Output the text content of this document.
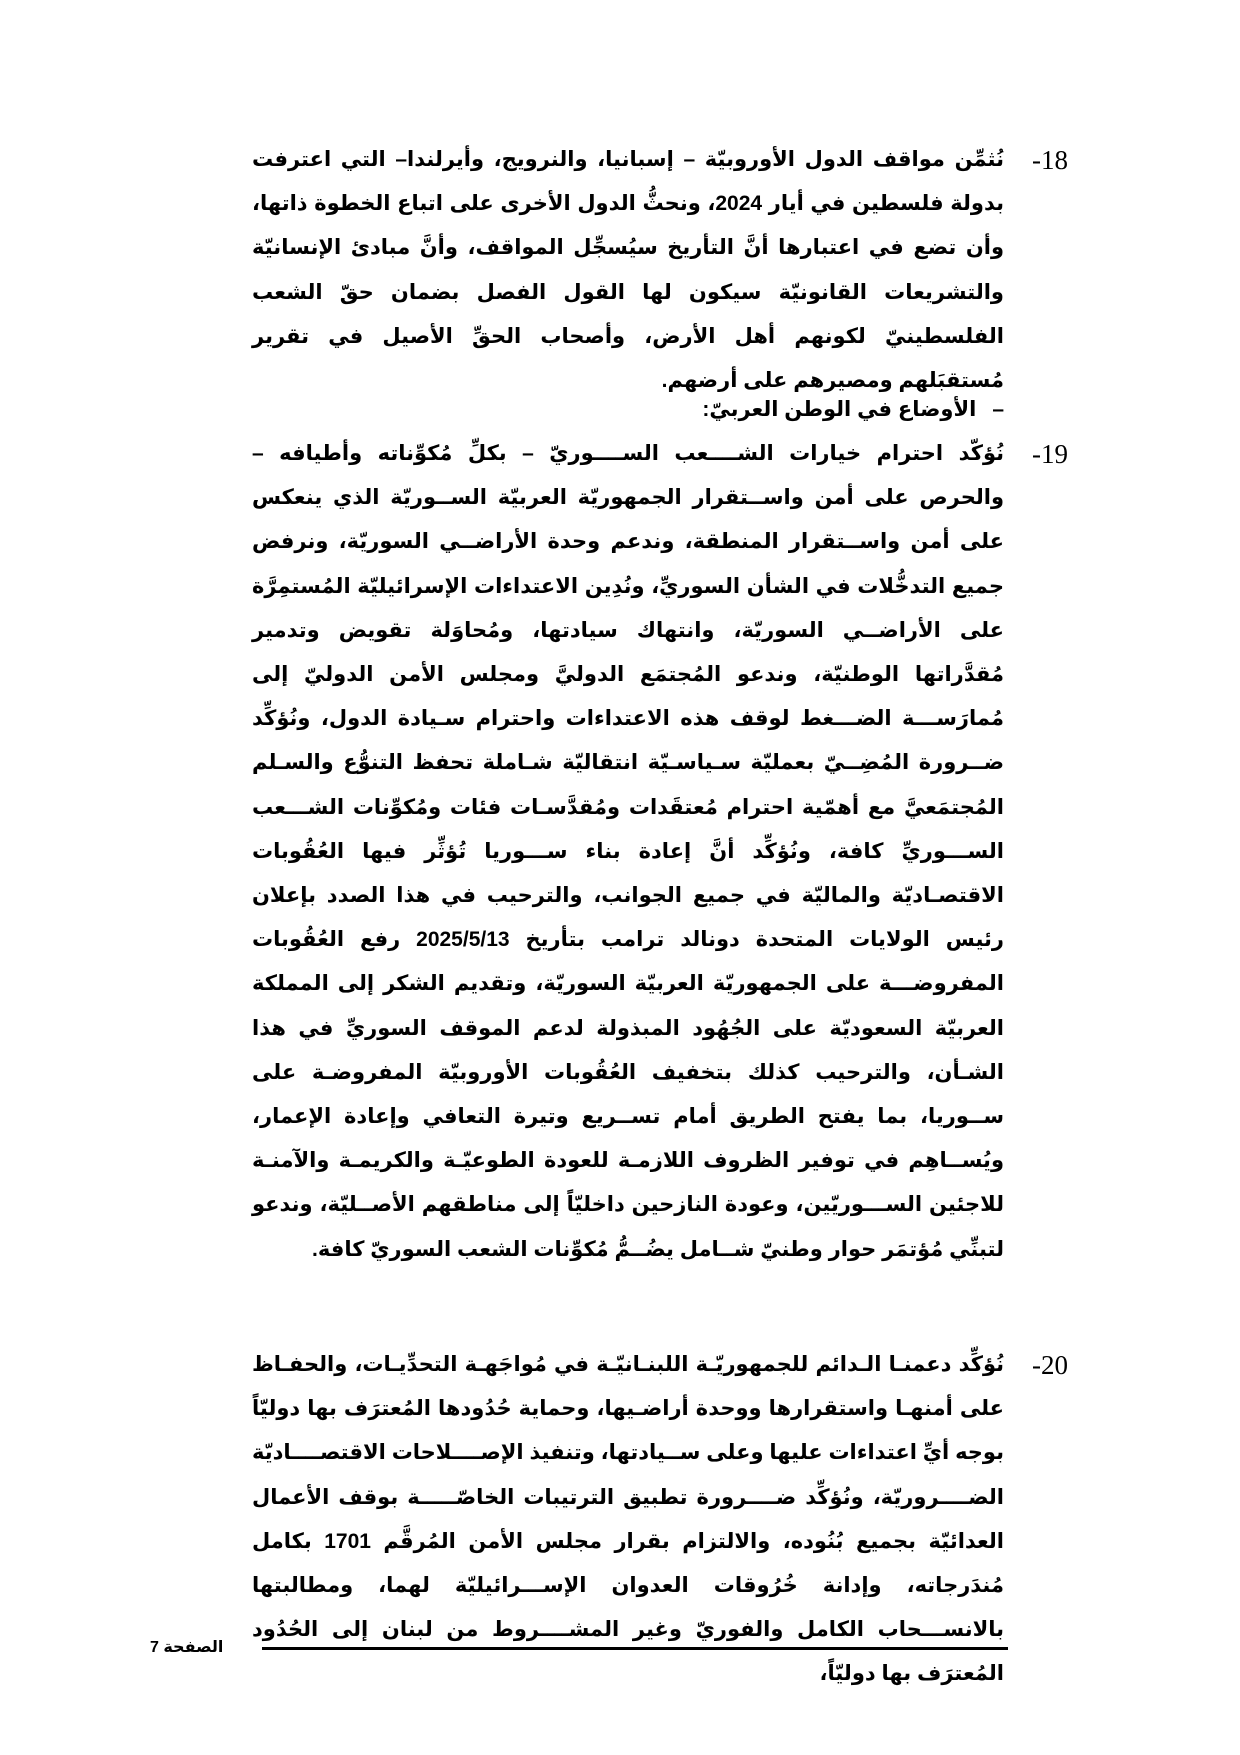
-18
نُثمِّن مواقف الدول الأوروبيّة – إسبانيا، والنرويج، وأيرلندا– التي اعترفت بدولة فلسطين في أيار 2024، ونحثُّ الدول الأخرى على اتباع الخطوة ذاتها، وأن تضع في اعتبارها أنَّ التأريخ سيُسجِّل المواقف، وأنَّ مبادئ الإنسانيّة والتشريعات القانونيّة سيكون لها القول الفصل بضمان حقّ الشعب الفلسطينيّ لكونهم أهل الأرض، وأصحاب الحقِّ الأصيل في تقرير مُستقبَلهم ومصيرهم على أرضهم.
–الأوضاع في الوطن العربيّ:
-19
نُؤكّد احترام خيارات الشــــعب الســــوريّ – بكلِّ مُكوِّناته وأطيافه – والحرص على أمن واســتقرار الجمهوريّة العربيّة الســوريّة الذي ينعكس على أمن واســتقرار المنطقة، وندعم وحدة الأراضــي السوريّة، ونرفض جميع التدخُّلات في الشأن السوريِّ، ونُدِين الاعتداءات الإسرائيليّة المُستمِرَّة على الأراضــي السوريّة، وانتهاك سيادتها، ومُحاوَلة تقويض وتدمير مُقدَّراتها الوطنيّة، وندعو المُجتمَع الدوليَّ ومجلس الأمن الدوليّ إلى مُمارَســـة الضـــغط لوقف هذه الاعتداءات واحترام سـيادة الدول، ونُؤكِّد ضــرورة المُضِــيّ بعمليّة سـياسـيّة انتقاليّة شـاملة تحفظ التنوُّع والسـلم المُجتمَعيَّ مع أهمّية احترام مُعتقَدات ومُقدَّسـات فئات ومُكوِّنات الشـــعب الســـوريِّ كافة، ونُؤكِّد أنَّ إعادة بناء ســـوريا تُؤثِّر فيها العُقُوبات الاقتصـاديّة والماليّة في جميع الجوانب، والترحيب في هذا الصدد بإعلان رئيس الولايات المتحدة دونالد ترامب بتأريخ 2025/5/13 رفع العُقُوبات المفروضـــة على الجمهوريّة العربيّة السوريّة، وتقديم الشكر إلى المملكة العربيّة السعوديّة على الجُهُود المبذولة لدعم الموقف السوريِّ في هذا الشـأن، والترحيب كذلك بتخفيف العُقُوبات الأوروبيّة المفروضـة على ســوريا، بما يفتح الطريق أمام تســريع وتيرة التعافي وإعادة الإعمار، ويُســاهِم في توفير الظروف اللازمـة للعودة الطوعيّـة والكريمـة والآمنـة للاجئين الســـوريّين، وعودة النازحين داخليّاً إلى مناطقهم الأصــليّة، وندعو لتبنِّي مُؤتمَر حوار وطنيّ شــامل يضُــمُّ مُكوِّنات الشعب السوريّ كافة.
-20
نُؤكِّد دعمنـا الـدائم للجمهوريّـة اللبنـانيّـة في مُواجَهـة التحدِّيـات، والحفـاظ على أمنهـا واستقرارها ووحدة أراضـيها، وحماية حُدُودها المُعترَف بها دوليّاً بوجه أيِّ اعتداءات عليها وعلى ســيادتها، وتنفيذ الإصــــلاحات الاقتصــــاديّة الضــــروريّة، ونُؤكِّد ضــــرورة تطبيق الترتيبات الخاصّـــــة بوقف الأعمال العدائيّة بجميع بُنُوده، والالتزام بقرار مجلس الأمن المُرقَّم 1701 بكامل مُندَرجاته، وإدانة خُرُوقات العدوان الإســـرائيليّة لهما، ومطالبتها بالانســـحاب الكامل والفوريّ وغير المشــــروط من لبنان إلى الحُدُود المُعترَف بها دوليّاً،
الصفحة 7
